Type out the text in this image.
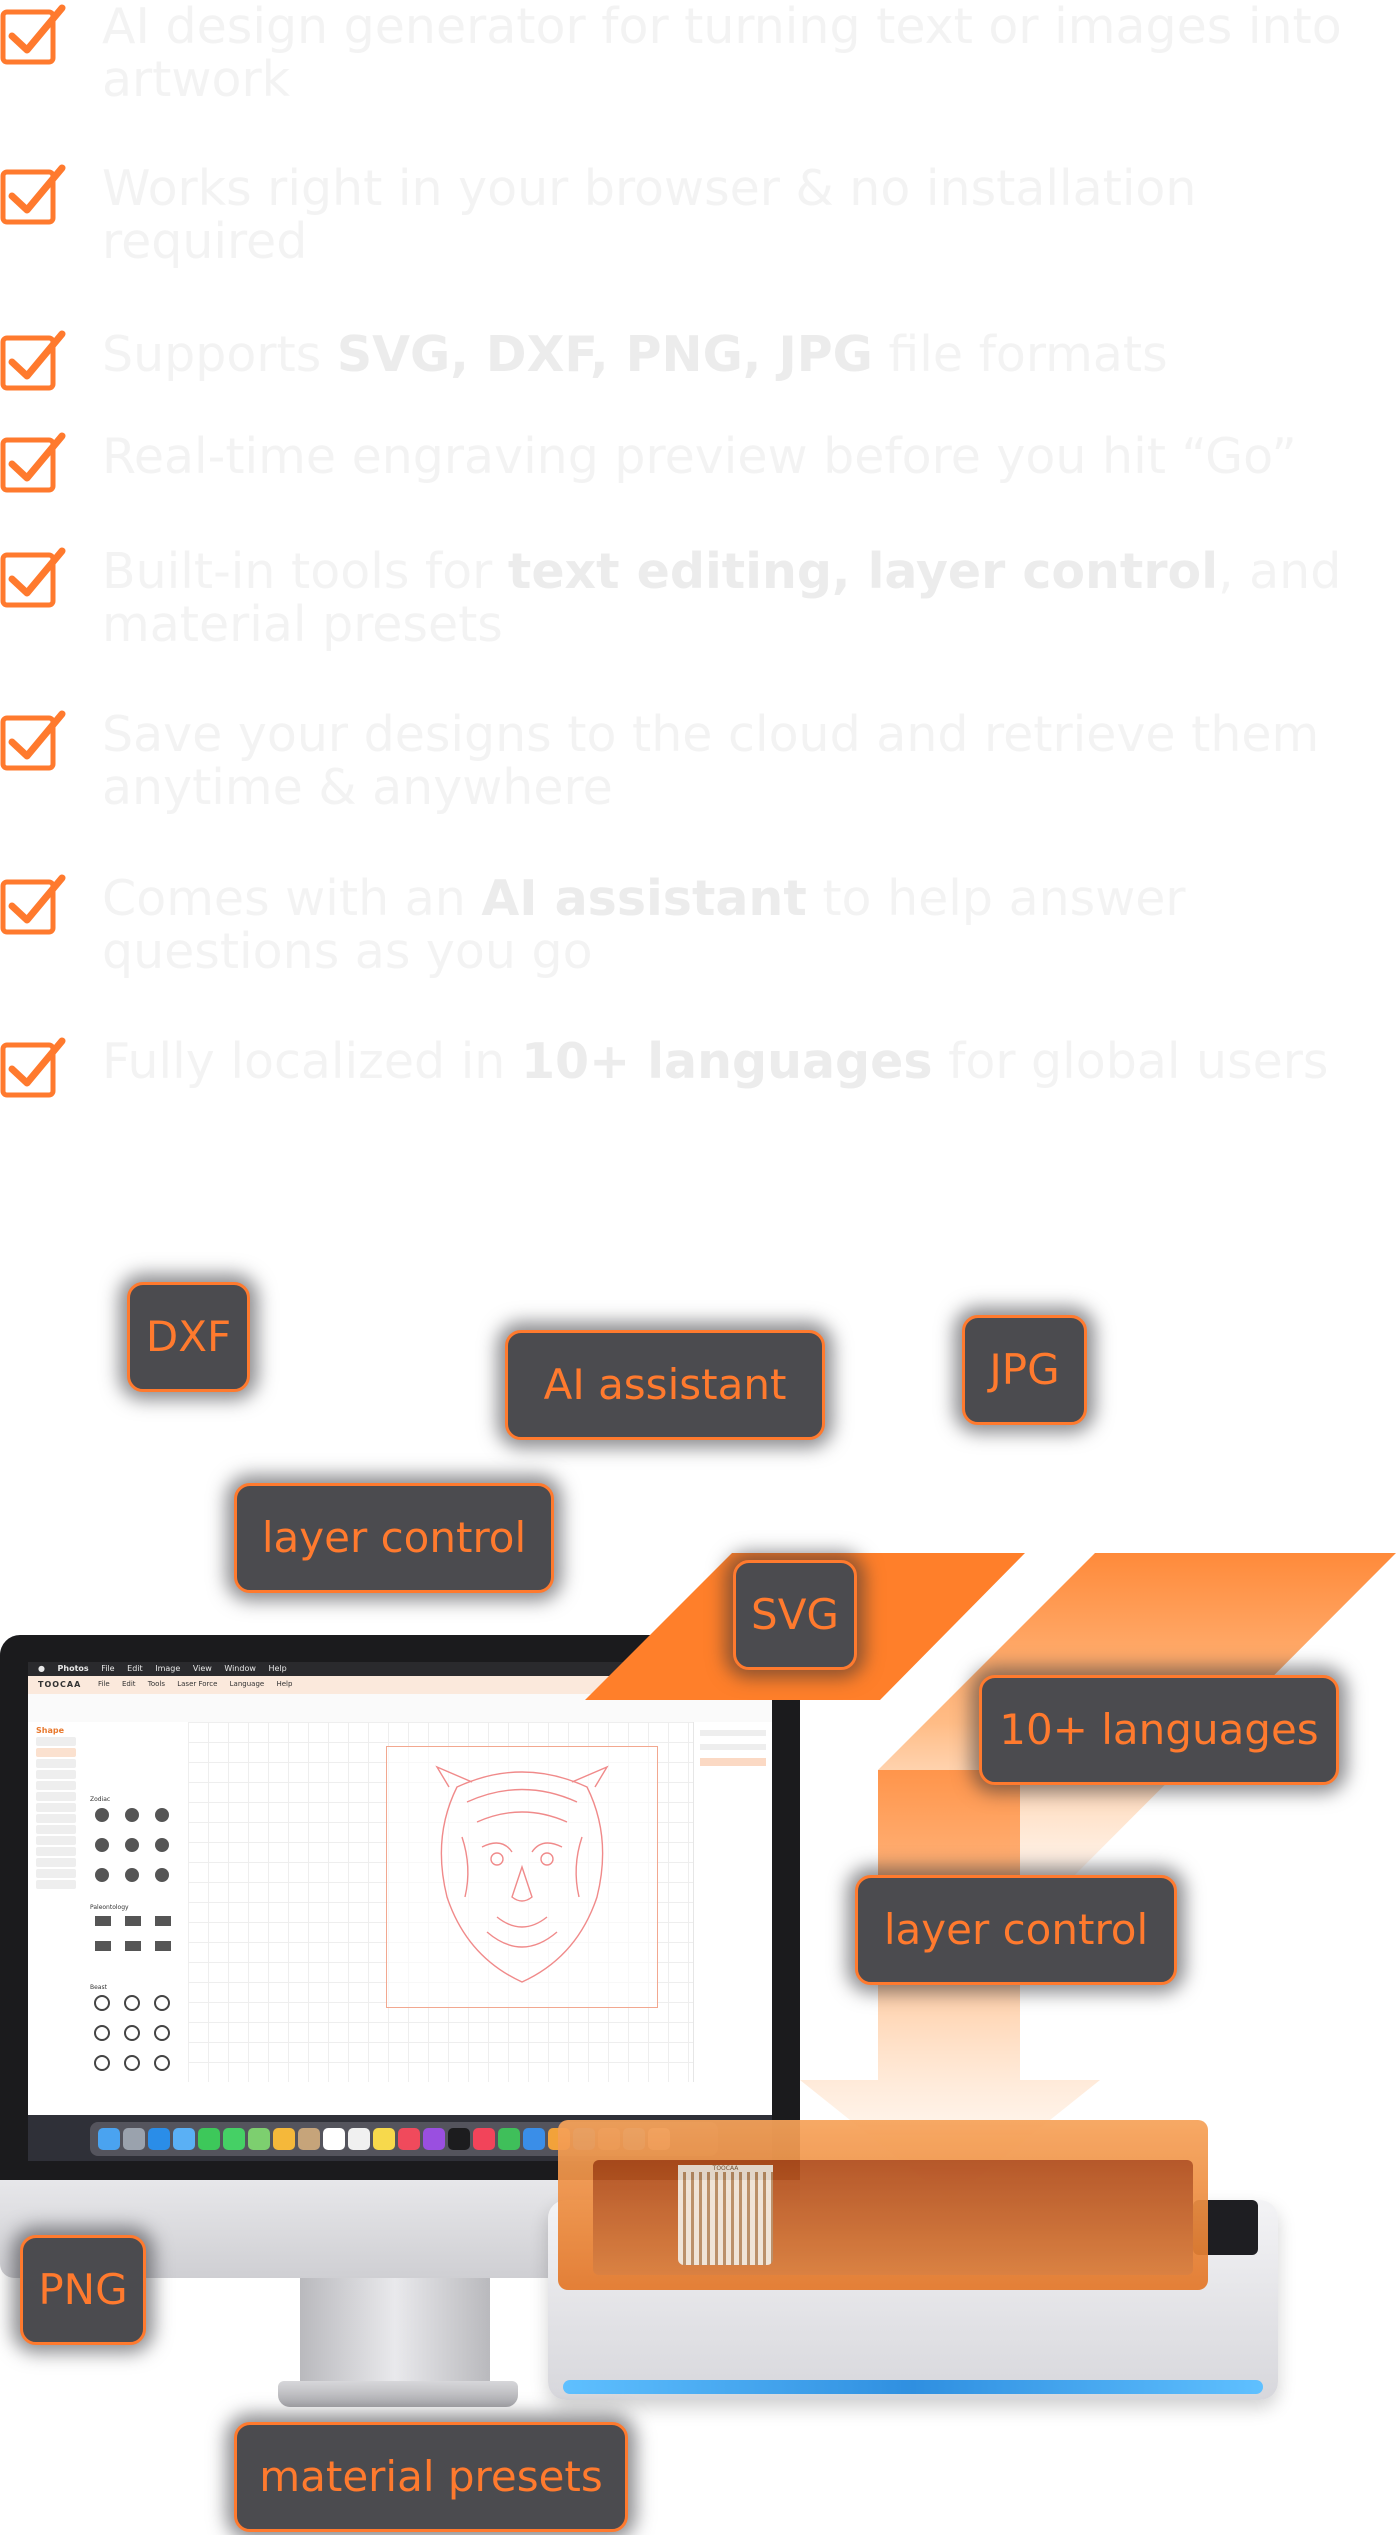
AI design generator for turning text or images into artwork
Works right in your browser & no installation required
Supports SVG, DXF, PNG, JPG file formats
Real-time engraving preview before you hit “Go”
Built-in tools for text editing, layer control, and material presets
Save your designs to the cloud and retrieve them anytime & anywhere
Comes with an AI assistant to help answer questions as you go
Fully localized in 10+ languages for global users
● Photos File Edit Image View Window Help
TOOCAA File Edit Tools Laser Force Language Help
Shape
Zodiac
Paleontology
Beast
TOOCAA
DXF
AI assistant	JPG
layer control
SVG
10+ languages
layer control
PNG
material presets
